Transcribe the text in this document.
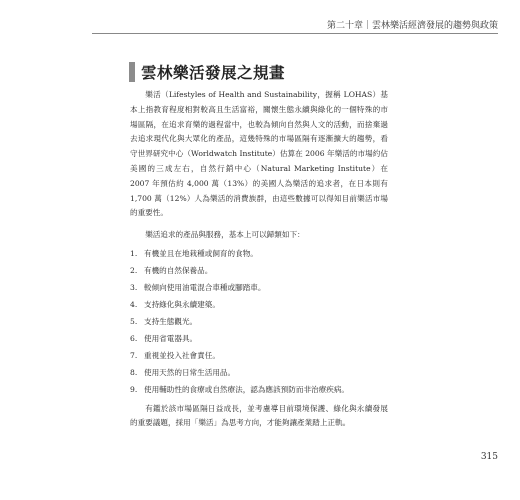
第二十章｜雲林樂活經濟發展的趨勢與政策
雲林樂活發展之規畫

樂活（Lifestyles of Health and Sustainability，握稱 LOHAS）基本上指教育程度相對較高且生活富裕，關懷生態永續與綠化的一個特殊的市場區隔，在追求育樂的過程當中，也較為傾向自然與人文的活動，而捨棄過去追求現代化與大眾化的產品，這幾特殊的市場區隔有逐漸擴大的趨勢，看守世界研究中心（Worldwatch Institute）估算在 2006 年樂活的市場約佔美國的三成左右，自然行銷中心（Natural Marketing Institute）在 2007 年預估約 4,000 萬（13%）的美國人為樂活的追求者，在日本則有 1,700 萬（12%）人為樂活的消費族群，由這些數據可以得知目前樂活市場的重要性。

樂活追求的產品與服務，基本上可以歸類如下：

1. 有機並且在地栽種或飼育的食物。
2. 有機的自然保養品。
3. 較傾向使用油電混合車種或腳踏車。
4. 支持綠化與永續建築。
5. 支持生態觀光。
6. 使用省電器具。
7. 重視並投入社會責任。
8. 使用天然的日常生活用品。
9. 使用輔助性的食療或自然療法，認為應該預防而非治療疾病。

有鑑於該市場區隔日益成長，並考慮導目前環境保護、綠化與永續發展的重要議題，採用「樂活」為思考方向，才能夠讓產業踏上正軌。

315
